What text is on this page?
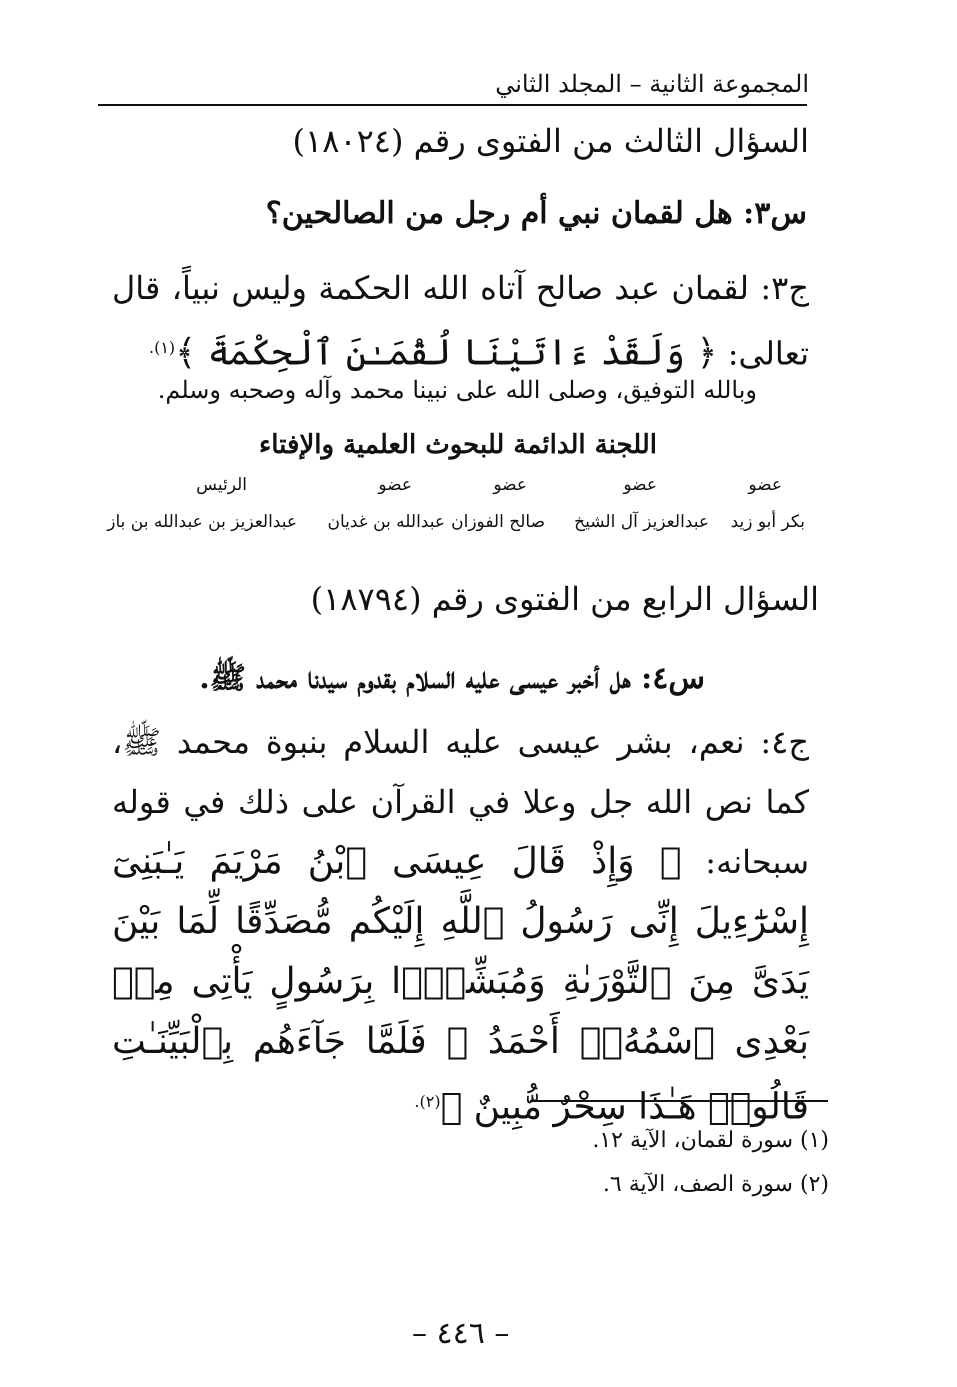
المجموعة الثانية – المجلد الثاني
السؤال الثالث من الفتوى رقم (١٨٠٢٤)
س٣: هل لقمان نبي أم رجل من الصالحين؟
ج٣: لقمان عبد صالح آتاه الله الحكمة وليس نبياً، قال تعالى: ﴿ وَلَقَدْ ءَاتَيْنَا لُقْمَـٰنَ ٱلْحِكْمَةَ ﴾$^{(١).}$
وبالله التوفيق، وصلى الله على نبينا محمد وآله وصحبه وسلم.
اللجنة الدائمة للبحوث العلمية والإفتاء
عضو
عضو
عضو
عضو
الرئيس
بكر أبو زيد
عبدالعزيز آل الشيخ
صالح الفوزان
عبدالله بن غديان
عبدالعزيز بن عبدالله بن باز
السؤال الرابع من الفتوى رقم (١٨٧٩٤)
س٤: هل أخبر عيسى عليه السلام بقدوم سيدنا محمد ﷺ.
ج٤: نعم، بشر عيسى عليه السلام بنبوة محمد ﷺ، كما نص الله جل وعلا في القرآن على ذلك في قوله سبحانه: ﴿ وَإِذْ قَالَ عِيسَى ٱبْنُ مَرْيَمَ يَـٰبَنِىٓ إِسْرَٰٓءِيلَ إِنِّى رَسُولُ ٱللَّهِ إِلَيْكُم مُّصَدِّقًا لِّمَا بَيْنَ يَدَىَّ مِنَ ٱلتَّوْرَىٰةِ وَمُبَشِّرًۢا بِرَسُولٍ يَأْتِى مِنۢ بَعْدِى ٱسْمُهُۥٓ أَحْمَدُ ۖ فَلَمَّا جَآءَهُم بِٱلْبَيِّنَـٰتِ قَالُوا۟ هَـٰذَا سِحْرٌ مُّبِينٌ ﴾$^{(٢).}$
(١) سورة لقمان، الآية ١٢.
(٢) سورة الصف، الآية ٦.
– ٤٤٦ –
